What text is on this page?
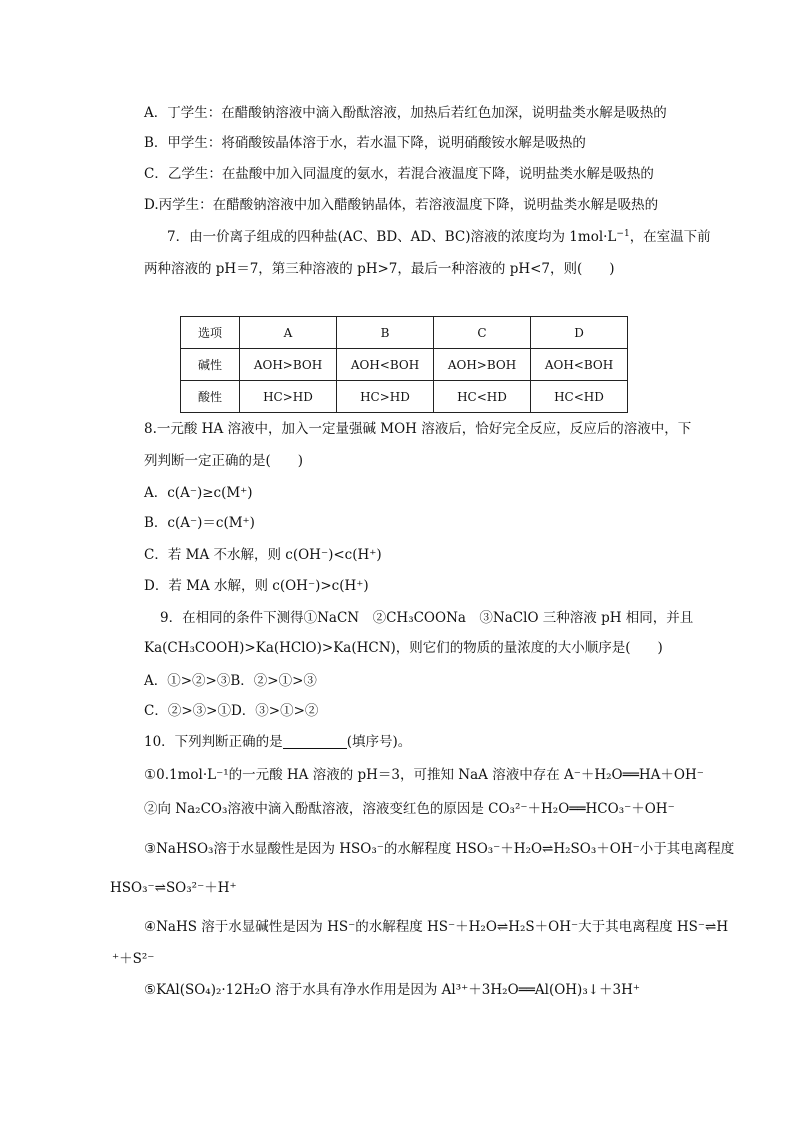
A．丁学生：在醋酸钠溶液中滴入酚酞溶液，加热后若红色加深，说明盐类水解是吸热的
B．甲学生：将硝酸铵晶体溶于水，若水温下降，说明硝酸铵水解是吸热的
C．乙学生：在盐酸中加入同温度的氨水，若混合液温度下降，说明盐类水解是吸热的
D.丙学生：在醋酸钠溶液中加入醋酸钠晶体，若溶液温度下降，说明盐类水解是吸热的
7．由一价离子组成的四种盐(AC、BD、AD、BC)溶液的浓度均为 $1mol\cdot L^{-1}$，在室温下前
两种溶液的 pH＝7，第三种溶液的 pH>7，最后一种溶液的 pH<7，则(　　)
选项	A	B	C	D
碱性	AOH>BOH	AOH<BOH	AOH>BOH	AOH<BOH
酸性	HC>HD	HC>HD	HC<HD	HC<HD
8.一元酸 HA 溶液中，加入一定量强碱 MOH 溶液后，恰好完全反应，反应后的溶液中，下
列判断一定正确的是(　　)
A．c(A⁻)≥c(M⁺)
B．c(A⁻)＝c(M⁺)
C．若 MA 不水解，则 c(OH⁻)<c(H⁺)
D．若 MA 水解，则 c(OH⁻)>c(H⁺)
9．在相同的条件下测得①NaCN　②CH₃COONa　③NaClO 三种溶液 pH 相同，并且
Ka(CH₃COOH)>Ka(HClO)>Ka(HCN)，则它们的物质的量浓度的大小顺序是(　　)
A．①>②>③B．②>①>③
C．②>③>①D．③>①>②
10．下列判断正确的是	(填序号)。
①0.1mol·L⁻¹的一元酸 HA 溶液的 pH＝3，可推知 NaA 溶液中存在 A⁻＋H₂O══HA＋OH⁻
②向 Na₂CO₃溶液中滴入酚酞溶液，溶液变红色的原因是 CO₃²⁻＋H₂O══HCO₃⁻＋OH⁻
③NaHSO₃溶于水显酸性是因为 HSO₃⁻的水解程度 HSO₃⁻＋H₂O⇌H₂SO₃＋OH⁻小于其电离程度
HSO₃⁻⇌SO₃²⁻＋H⁺
④NaHS 溶于水显碱性是因为 HS⁻的水解程度 HS⁻＋H₂O⇌H₂S＋OH⁻大于其电离程度 HS⁻⇌H
⁺＋S²⁻
⑤KAl(SO₄)₂·12H₂O 溶于水具有净水作用是因为 Al³⁺＋3H₂O══Al(OH)₃↓＋3H⁺
